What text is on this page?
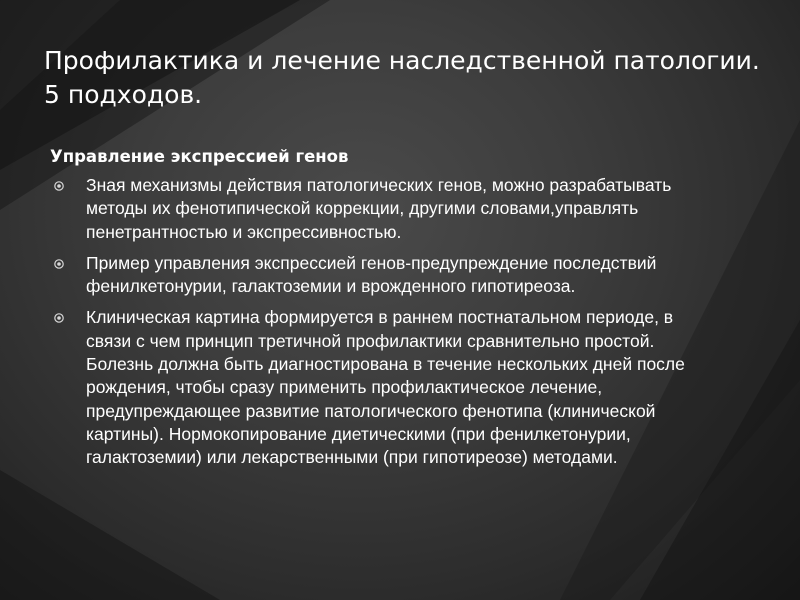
Профилактика и лечение наследственной патологии.
5 подходов.
Управление экспрессией генов
Зная механизмы действия патологических генов, можно разрабатывать методы их фенотипической коррекции, другими словами,управлять пенетрантностью и экспрессивностью.
Пример управления экспрессией генов-предупреждение последствий фенилкетонурии, галактоземии и врожденного гипотиреоза.
Клиническая картина формируется в раннем постнатальном периоде, в связи с чем принцип третичной профилактики сравнительно простой. Болезнь должна быть диагностирована в течение нескольких дней после рождения, чтобы сразу применить профилактическое лечение, предупреждающее развитие патологического фенотипа (клинической картины). Нормокопирование диетическими (при фенилкетонурии, галактоземии) или лекарственными (при гипотиреозе) методами.
